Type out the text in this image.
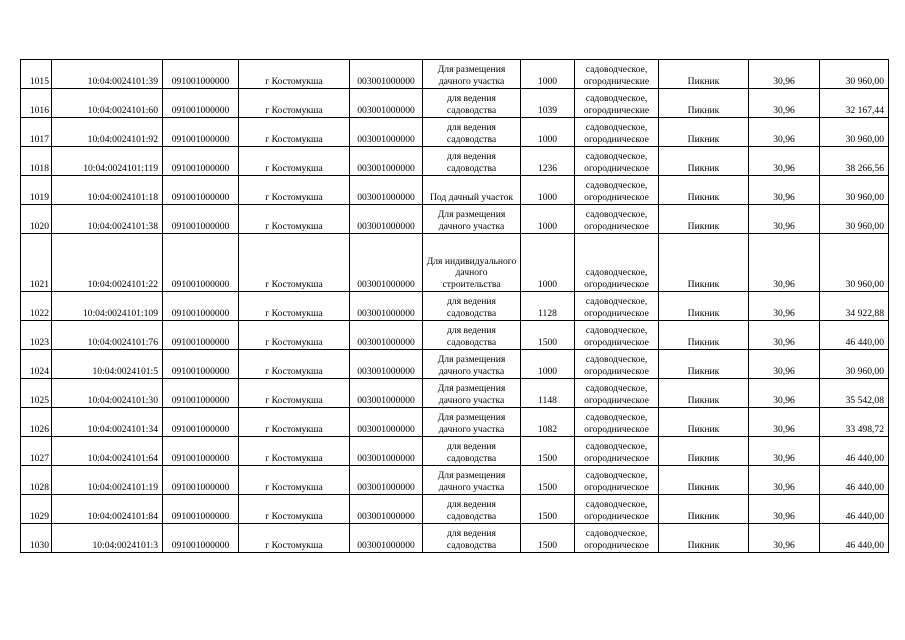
1015	10:04:0024101:39	091001000000	г Костомукша	003001000000	Для размещения дачного участка	1000	садоводческое, огороднические	Пикник	30,96	30 960,00
1016	10:04:0024101:60	091001000000	г Костомукша	003001000000	для ведения садоводства	1039	садоводческое, огороднические	Пикник	30,96	32 167,44
1017	10:04:0024101:92	091001000000	г Костомукша	003001000000	для ведения садоводства	1000	садоводческое, огородническое	Пикник	30,96	30 960,00
1018	10:04:0024101:119	091001000000	г Костомукша	003001000000	для ведения садоводства	1236	садоводческое, огородническое	Пикник	30,96	38 266,56
1019	10:04:0024101:18	091001000000	г Костомукша	003001000000	Под дачный участок	1000	садоводческое, огородническое	Пикник	30,96	30 960,00
1020	10:04:0024101:38	091001000000	г Костомукша	003001000000	Для размещения дачного участка	1000	садоводческое, огородническое	Пикник	30,96	30 960,00
1021	10:04:0024101:22	091001000000	г Костомукша	003001000000	Для индивидуального дачного строительства	1000	садоводческое, огородническое	Пикник	30,96	30 960,00
1022	10:04:0024101:109	091001000000	г Костомукша	003001000000	для ведения садоводства	1128	садоводческое, огородническое	Пикник	30,96	34 922,88
1023	10:04:0024101:76	091001000000	г Костомукша	003001000000	для ведения садоводства	1500	садоводческое, огородническое	Пикник	30,96	46 440,00
1024	10:04:0024101:5	091001000000	г Костомукша	003001000000	Для размещения дачного участка	1000	садоводческое, огородническое	Пикник	30,96	30 960,00
1025	10:04:0024101:30	091001000000	г Костомукша	003001000000	Для размещения дачного участка	1148	садоводческое, огородническое	Пикник	30,96	35 542,08
1026	10:04:0024101:34	091001000000	г Костомукша	003001000000	Для размещения дачного участка	1082	садоводческое, огородническое	Пикник	30,96	33 498,72
1027	10:04:0024101:64	091001000000	г Костомукша	003001000000	для ведения садоводства	1500	садоводческое, огородническое	Пикник	30,96	46 440,00
1028	10:04:0024101:19	091001000000	г Костомукша	003001000000	Для размещения дачного участка	1500	садоводческое, огородническое	Пикник	30,96	46 440,00
1029	10:04:0024101:84	091001000000	г Костомукша	003001000000	для ведения садоводства	1500	садоводческое, огородническое	Пикник	30,96	46 440,00
1030	10:04:0024101:3	091001000000	г Костомукша	003001000000	для ведения садоводства	1500	садоводческое, огородническое	Пикник	30,96	46 440,00
